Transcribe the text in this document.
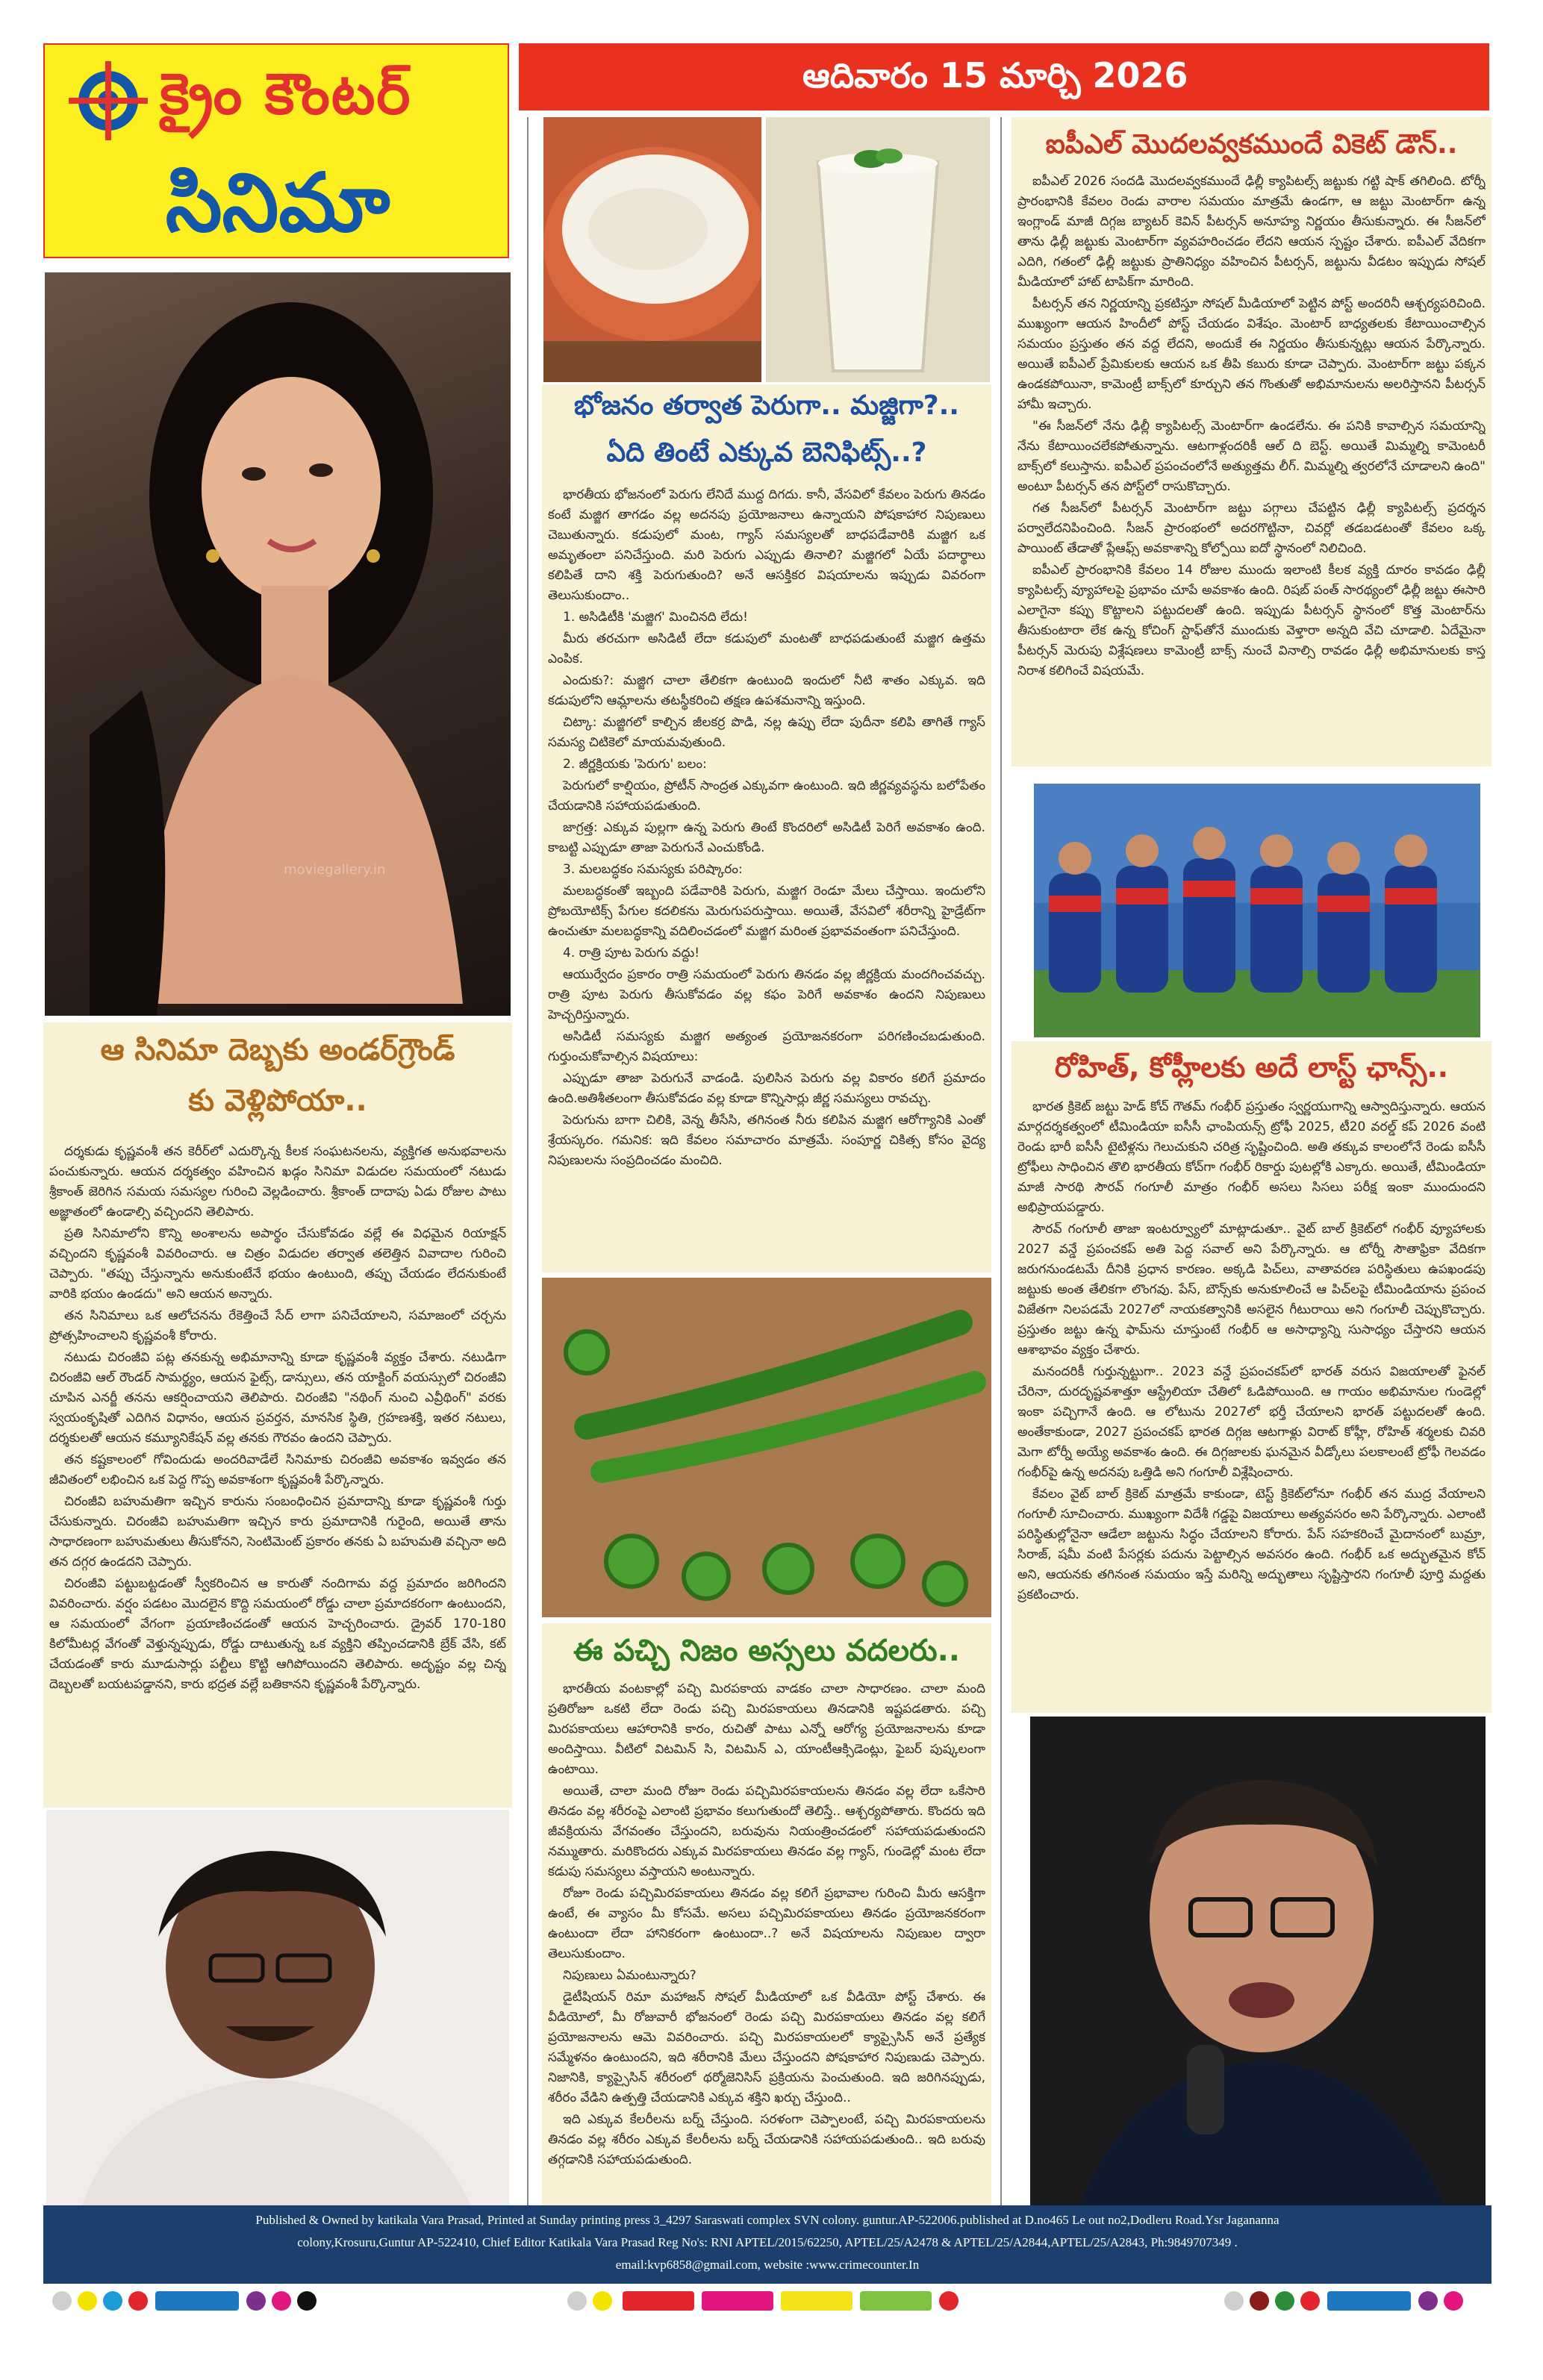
క్రైం కౌంటర్
సినిమా
ఆదివారం 15 మార్చి 2026
moviegallery.in
ఆ సినిమా దెబ్బకు అండర్‌గ్రౌండ్
కు వెళ్లిపోయా..

దర్శకుడు కృష్ణవంశీ తన కెరీర్‌లో ఎదుర్కొన్న కీలక సంఘటనలను, వ్యక్తిగత అనుభవాలను పంచుకున్నారు. ఆయన దర్శకత్వం వహించిన ఖడ్గం సినిమా విడుదల సమయంలో నటుడు శ్రీకాంత్ జెరిగిన సమయ సమస్యల గురించి వెల్లడించారు. శ్రీకాంత్ దాదాపు ఏడు రోజుల పాటు అజ్ఞాతంలో ఉండాల్సి వచ్చిందని తెలిపారు.

ప్రతి సినిమాలోని కొన్ని అంశాలను అపార్థం చేసుకోవడం వల్లే ఈ విధమైన రియాక్షన్ వచ్చిందని కృష్ణవంశీ వివరించారు. ఆ చిత్రం విడుదల తర్వాత తలెత్తిన వివాదాల గురించి చెప్పారు. "తప్పు చేస్తున్నాను అనుకుంటేనే భయం ఉంటుంది, తప్పు చేయడం లేదనుకుంటే వారికి భయం ఉండదు" అని ఆయన అన్నారు.

తన సినిమాలు ఒక ఆలోచనను రేకెత్తించే సేద్ లాగా పనిచేయాలని, సమాజంలో చర్చను ప్రోత్సహించాలని కృష్ణవంశీ కోరారు.

నటుడు చిరంజీవి పట్ల తనకున్న అభిమానాన్ని కూడా కృష్ణవంశీ వ్యక్తం చేశారు. నటుడిగా చిరంజీవి ఆల్ రౌండర్ సామర్థ్యం, ఆయన ఫైట్స్, డాన్సులు, తన యాక్టింగ్ వయస్సులో చిరంజీవి చూపిన ఎనర్జీ తనను ఆకర్షించాయని తెలిపారు. చిరంజీవి "నథింగ్ నుంచి ఎవ్రీథింగ్" వరకు స్వయంకృషితో ఎదిగిన విధానం, ఆయన ప్రవర్తన, మానసిక స్థితి, గ్రహణశక్తి, ఇతర నటులు, దర్శకులతో ఆయన కమ్యూనికేషన్ వల్ల తనకు గౌరవం ఉందని చెప్పారు.

తన కష్టకాలంలో గోవిందుడు అందరివాడేలే సినిమాకు చిరంజీవి అవకాశం ఇవ్వడం తన జీవితంలో లభించిన ఒక పెద్ద గొప్ప అవకాశంగా కృష్ణవంశీ పేర్కొన్నారు.

చిరంజీవి బహుమతిగా ఇచ్చిన కారును సంబంధించిన ప్రమాదాన్ని కూడా కృష్ణవంశీ గుర్తు చేసుకున్నారు. చిరంజీవి బహుమతిగా ఇచ్చిన కారు ప్రమాదానికి గురైంది, అయితే తాను సాధారణంగా బహుమతులు తీసుకోనని, సెంటిమెంట్ ప్రకారం తనకు ఏ బహుమతి వచ్చినా అది తన దగ్గర ఉండదని చెప్పారు.

చిరంజీవి పట్టుబట్టడంతో స్వీకరించిన ఆ కారుతో నందిగామ వద్ద ప్రమాదం జరిగిందని వివరించారు. వర్షం పడటం మొదలైన కొద్ది సమయంలో రోడ్డు చాలా ప్రమాదకరంగా ఉంటుందని, ఆ సమయంలో వేగంగా ప్రయాణించడంతో ఆయన హెచ్చరించారు. డ్రైవర్ 170-180 కిలోమీటర్ల వేగంతో వెళ్తున్నప్పుడు, రోడ్డు దాటుతున్న ఒక వ్యక్తిని తప్పించడానికి బ్రేక్ వేసి, కట్ చేయడంతో కారు మూడుసార్లు పల్టీలు కొట్టి ఆగిపోయిందని తెలిపారు. అదృష్టం వల్ల చిన్న దెబ్బలతో బయటపడ్డానని, కారు భద్రత వల్లే బతికానని కృష్ణవంశీ పేర్కొన్నారు.

భోజనం తర్వాత పెరుగా.. మజ్జిగా?..
ఏది తింటే ఎక్కువ బెనిఫిట్స్..?

భారతీయ భోజనంలో పెరుగు లేనిదే ముద్ద దిగదు. కానీ, వేసవిలో కేవలం పెరుగు తినడం కంటే మజ్జిగ తాగడం వల్ల అదనపు ప్రయోజనాలు ఉన్నాయని పోషకాహార నిపుణులు చెబుతున్నారు. కడుపులో మంట, గ్యాస్ సమస్యలతో బాధపడేవారికి మజ్జిగ ఒక అమృతంలా పనిచేస్తుంది. మరి పెరుగు ఎప్పుడు తినాలి? మజ్జిగలో ఏయే పదార్థాలు కలిపితే దాని శక్తి పెరుగుతుంది? అనే ఆసక్తికర విషయాలను ఇప్పుడు వివరంగా తెలుసుకుందాం..

1. అసిడిటీకి 'మజ్జిగ' మించినది లేదు!

మీరు తరచుగా అసిడిటీ లేదా కడుపులో మంటతో బాధపడుతుంటే మజ్జిగ ఉత్తమ ఎంపిక.

ఎందుకు?: మజ్జిగ చాలా తేలికగా ఉంటుంది ఇందులో నీటి శాతం ఎక్కువ. ఇది కడుపులోని ఆమ్లాలను తటస్థీకరించి తక్షణ ఉపశమనాన్ని ఇస్తుంది.

చిట్కా: మజ్జిగలో కాల్చిన జీలకర్ర పొడి, నల్ల ఉప్పు లేదా పుదీనా కలిపి తాగితే గ్యాస్ సమస్య చిటికెలో మాయమవుతుంది.

2. జీర్ణక్రియకు 'పెరుగు' బలం:

పెరుగులో కాల్షియం, ప్రోటీన్ సాంద్రత ఎక్కువగా ఉంటుంది. ఇది జీర్ణవ్యవస్థను బలోపేతం చేయడానికి సహాయపడుతుంది.

జాగ్రత్త: ఎక్కువ పుల్లగా ఉన్న పెరుగు తింటే కొందరిలో అసిడిటీ పెరిగే అవకాశం ఉంది. కాబట్టి ఎప్పుడూ తాజా పెరుగునే ఎంచుకోండి.

3. మలబద్ధకం సమస్యకు పరిష్కారం:

మలబద్ధకంతో ఇబ్బంది పడేవారికి పెరుగు, మజ్జిగ రెండూ మేలు చేస్తాయి. ఇందులోని ప్రోబయోటిక్స్ పేగుల కదలికను మెరుగుపరుస్తాయి. అయితే, వేసవిలో శరీరాన్ని హైడ్రేట్‌గా ఉంచుతూ మలబద్ధకాన్ని వదిలించడంలో మజ్జిగ మరింత ప్రభావవంతంగా పనిచేస్తుంది.

4. రాత్రి పూట పెరుగు వద్దు!

ఆయుర్వేదం ప్రకారం రాత్రి సమయంలో పెరుగు తినడం వల్ల జీర్ణక్రియ మందగించవచ్చు. రాత్రి పూట పెరుగు తీసుకోవడం వల్ల కఫం పెరిగే అవకాశం ఉందని నిపుణులు హెచ్చరిస్తున్నారు.

అసిడిటీ సమస్యకు మజ్జిగ అత్యంత ప్రయోజనకరంగా పరిగణించబడుతుంది. గుర్తుంచుకోవాల్సిన విషయాలు:

ఎప్పుడూ తాజా పెరుగునే వాడండి. పులిసిన పెరుగు వల్ల వికారం కలిగే ప్రమాదం ఉంది.అతిశీతలంగా తీసుకోవడం వల్ల కూడా కొన్నిసార్లు జీర్ణ సమస్యలు రావచ్చు.

పెరుగును బాగా చిలికి, వెన్న తీసేసి, తగినంత నీరు కలిపిన మజ్జిగ ఆరోగ్యానికి ఎంతో శ్రేయస్కరం. గమనిక: ఇది కేవలం సమాచారం మాత్రమే. సంపూర్ణ చికిత్స కోసం వైద్య నిపుణులను సంప్రదించడం మంచిది.

ఈ పచ్చి నిజం అస్సలు వదలరు..

భారతీయ వంటకాల్లో పచ్చి మిరపకాయ వాడకం చాలా సాధారణం. చాలా మంది ప్రతిరోజూ ఒకటి లేదా రెండు పచ్చి మిరపకాయలు తినడానికి ఇష్టపడతారు. పచ్చి మిరపకాయలు ఆహారానికి కారం, రుచితో పాటు ఎన్నో ఆరోగ్య ప్రయోజనాలను కూడా అందిస్తాయి. వీటిలో విటమిన్ సి, విటమిన్ ఎ, యాంటీఆక్సిడెంట్లు, ఫైబర్ పుష్కలంగా ఉంటాయి.

అయితే, చాలా మంది రోజూ రెండు పచ్చిమిరపకాయలను తినడం వల్ల లేదా ఒకేసారి తినడం వల్ల శరీరంపై ఎలాంటి ప్రభావం కలుగుతుందో తెలిస్తే.. ఆశ్చర్యపోతారు. కొందరు ఇది జీవక్రియను వేగవంతం చేస్తుందని, బరువును నియంత్రించడంలో సహాయపడుతుందని నమ్ముతారు. మరికొందరు ఎక్కువ మిరపకాయలు తినడం వల్ల గ్యాస్, గుండెల్లో మంట లేదా కడుపు సమస్యలు వస్తాయని అంటున్నారు.

రోజూ రెండు పచ్చిమిరపకాయలు తినడం వల్ల కలిగే ప్రభావాల గురించి మీరు ఆసక్తిగా ఉంటే, ఈ వ్యాసం మీ కోసమే. అసలు పచ్చిమిరపకాయలు తినడం ప్రయోజనకరంగా ఉంటుందా లేదా హానికరంగా ఉంటుందా..? అనే విషయాలను నిపుణుల ద్వారా తెలుసుకుందాం.

నిపుణులు ఏమంటున్నారు?

డైటీషియన్ రిమా మహాజన్ సోషల్ మీడియాలో ఒక వీడియో పోస్ట్ చేశారు. ఈ వీడియోలో, మీ రోజువారీ భోజనంలో రెండు పచ్చి మిరపకాయలు తినడం వల్ల కలిగే ప్రయోజనాలను ఆమె వివరించారు. పచ్చి మిరపకాయలలో క్యాప్సైసిన్ అనే ప్రత్యేక సమ్మేళనం ఉంటుందని, ఇది శరీరానికి మేలు చేస్తుందని పోషకాహార నిపుణుడు చెప్పారు. నిజానికి, క్యాప్సైసిన్ శరీరంలో థర్మోజెనిసిస్ ప్రక్రియను పెంచుతుంది. ఇది జరిగినప్పుడు, శరీరం వేడిని ఉత్పత్తి చేయడానికి ఎక్కువ శక్తిని ఖర్చు చేస్తుంది..

ఇది ఎక్కువ కేలరీలను బర్న్ చేస్తుంది. సరళంగా చెప్పాలంటే, పచ్చి మిరపకాయలను తినడం వల్ల శరీరం ఎక్కువ కేలరీలను బర్న్ చేయడానికి సహాయపడుతుంది.. ఇది బరువు తగ్గడానికి సహాయపడుతుంది.

ఐపీఎల్ మొదలవ్వకముందే వికెట్ డౌన్..

ఐపీఎల్ 2026 సందడి మొదలవ్వకముందే ఢిల్లీ క్యాపిటల్స్ జట్టుకు గట్టి షాక్ తగిలింది. టోర్నీ ప్రారంభానికి కేవలం రెండు వారాల సమయం మాత్రమే ఉండగా, ఆ జట్టు మెంటార్‌గా ఉన్న ఇంగ్లాండ్ మాజీ దిగ్గజ బ్యాటర్ కెవిన్ పీటర్సన్ అనూహ్య నిర్ణయం తీసుకున్నారు. ఈ సీజన్‌లో తాను ఢిల్లీ జట్టుకు మెంటార్‌గా వ్యవహరించడం లేదని ఆయన స్పష్టం చేశారు. ఐపీఎల్ వేదికగా ఎదిగి, గతంలో ఢిల్లీ జట్టుకు ప్రాతినిధ్యం వహించిన పీటర్సన్, జట్టును వీడటం ఇప్పుడు సోషల్ మీడియాలో హాట్ టాపిక్‌గా మారింది.

పీటర్సన్ తన నిర్ణయాన్ని ప్రకటిస్తూ సోషల్ మీడియాలో పెట్టిన పోస్ట్ అందరినీ ఆశ్చర్యపరిచింది. ముఖ్యంగా ఆయన హిందీలో పోస్ట్ చేయడం విశేషం. మెంటార్ బాధ్యతలకు కేటాయించాల్సిన సమయం ప్రస్తుతం తన వద్ద లేదని, అందుకే ఈ నిర్ణయం తీసుకున్నట్లు ఆయన పేర్కొన్నారు. అయితే ఐపీఎల్ ప్రేమికులకు ఆయన ఒక తీపి కబురు కూడా చెప్పారు. మెంటార్‌గా జట్టు పక్కన ఉండకపోయినా, కామెంట్రీ బాక్స్‌లో కూర్చుని తన గొంతుతో అభిమానులను అలరిస్తానని పీటర్సన్ హామీ ఇచ్చారు.

"ఈ సీజన్‌లో నేను ఢిల్లీ క్యాపిటల్స్ మెంటార్‌గా ఉండలేను. ఈ పనికి కావాల్సిన సమయాన్ని నేను కేటాయించలేకపోతున్నాను. ఆటగాళ్లందరికీ ఆల్ ది బెస్ట్. అయితే మిమ్మల్ని కామెంటరీ బాక్స్‌లో కలుస్తాను. ఐపీఎల్ ప్రపంచంలోనే అత్యుత్తమ లీగ్. మిమ్మల్ని త్వరలోనే చూడాలని ఉంది" అంటూ పీటర్సన్ తన పోస్ట్‌లో రాసుకొచ్చారు.

గత సీజన్‌లో పీటర్సన్ మెంటార్‌గా జట్టు పగ్గాలు చేపట్టిన ఢిల్లీ క్యాపిటల్స్ ప్రదర్శన పర్వాలేదనిపించింది. సీజన్ ప్రారంభంలో అదరగొట్టినా, చివర్లో తడబడటంతో కేవలం ఒక్క పాయింట్ తేడాతో ప్లేఆఫ్స్ అవకాశాన్ని కోల్పోయి ఐదో స్థానంలో నిలిచింది.

ఐపీఎల్ ప్రారంభానికి కేవలం 14 రోజుల ముందు ఇలాంటి కీలక వ్యక్తి దూరం కావడం ఢిల్లీ క్యాపిటల్స్ వ్యూహాలపై ప్రభావం చూపే అవకాశం ఉంది. రిషబ్ పంత్ సారథ్యంలో ఢిల్లీ జట్టు ఈసారి ఎలాగైనా కప్పు కొట్టాలని పట్టుదలతో ఉంది. ఇప్పుడు పీటర్సన్ స్థానంలో కొత్త మెంటార్‌ను తీసుకుంటారా లేక ఉన్న కోచింగ్ స్టాఫ్‌తోనే ముందుకు వెళ్తారా అన్నది వేచి చూడాలి. ఏదేమైనా పీటర్సన్ మెరుపు విశ్లేషణలు కామెంట్రీ బాక్స్ నుంచే వినాల్సి రావడం ఢిల్లీ అభిమానులకు కాస్త నిరాశ కలిగించే విషయమే.

రోహిత్, కోహ్లీలకు అదే లాస్ట్ ఛాన్స్..

భారత క్రికెట్ జట్టు హెడ్ కోచ్ గౌతమ్ గంభీర్ ప్రస్తుతం స్వర్ణయుగాన్ని ఆస్వాదిస్తున్నారు. ఆయన మార్గదర్శకత్వంలో టీమిండియా ఐసీసీ ఛాంపియన్స్ ట్రోఫీ 2025, టీ20 వరల్డ్ కప్ 2026 వంటి రెండు భారీ ఐసీసీ టైటిళ్లను గెలుచుకుని చరిత్ర సృష్టించింది. అతి తక్కువ కాలంలోనే రెండు ఐసీసీ ట్రోఫీలు సాధించిన తొలి భారతీయ కోచ్‌గా గంభీర్ రికార్డు పుటల్లోకి ఎక్కారు. అయితే, టీమిండియా మాజీ సారథి సౌరవ్ గంగూలీ మాత్రం గంభీర్ అసలు సిసలు పరీక్ష ఇంకా ముందుందని అభిప్రాయపడ్డారు.

సౌరవ్ గంగూలీ తాజా ఇంటర్వ్యూలో మాట్లాడుతూ.. వైట్ బాల్ క్రికెట్‌లో గంభీర్ వ్యూహాలకు 2027 వన్డే ప్రపంచకప్ అతి పెద్ద సవాల్ అని పేర్కొన్నారు. ఆ టోర్నీ సౌతాఫ్రికా వేదికగా జరుగనుండటమే దీనికి ప్రధాన కారణం. అక్కడి పిచ్‌లు, వాతావరణ పరిస్థితులు ఉపఖండపు జట్టుకు అంత తేలికగా లొంగవు. పేస్, బౌన్స్‌కు అనుకూలించే ఆ పిచ్‌లపై టీమిండియాను ప్రపంచ విజేతగా నిలపడమే 2027లో నాయకత్వానికి అసలైన గీటురాయి అని గంగూలీ చెప్పుకొచ్చారు. ప్రస్తుతం జట్టు ఉన్న ఫామ్‌ను చూస్తుంటే గంభీర్ ఆ అసాధ్యాన్ని సుసాధ్యం చేస్తారని ఆయన ఆశాభావం వ్యక్తం చేశారు.

మనందరికీ గుర్తున్నట్టుగా.. 2023 వన్డే ప్రపంచకప్‌లో భారత్ వరుస విజయాలతో ఫైనల్ చేరినా, దురదృష్టవశాత్తూ ఆస్ట్రేలియా చేతిలో ఓడిపోయింది. ఆ గాయం అభిమానుల గుండెల్లో ఇంకా పచ్చిగానే ఉంది. ఆ లోటును 2027లో భర్తీ చేయాలని భారత్ పట్టుదలతో ఉంది. అంతేకాకుండా, 2027 ప్రపంచకప్ భారత దిగ్గజ ఆటగాళ్లు విరాట్ కోహ్లీ, రోహిత్ శర్మలకు చివరి మెగా టోర్నీ అయ్యే అవకాశం ఉంది. ఈ దిగ్గజాలకు ఘనమైన వీడ్కోలు పలకాలంటే ట్రోఫీ గెలవడం గంభీర్‌పై ఉన్న అదనపు ఒత్తిడి అని గంగూలీ విశ్లేషించారు.

కేవలం వైట్ బాల్ క్రికెట్ మాత్రమే కాకుండా, టెస్ట్ క్రికెట్‌లోనూ గంభీర్ తన ముద్ర వేయాలని గంగూలీ సూచించారు. ముఖ్యంగా విదేశీ గడ్డపై విజయాలు అత్యవసరం అని పేర్కొన్నారు. ఎలాంటి పరిస్థితుల్లోనైనా ఆడేలా జట్టును సిద్ధం చేయాలని కోరారు. పేస్ సహకరించే మైదానంలో బుమ్రా, సిరాజ్, షమీ వంటి పేసర్లకు పదును పెట్టాల్సిన అవసరం ఉంది. గంభీర్ ఒక అద్భుతమైన కోచ్ అని, ఆయనకు తగినంత సమయం ఇస్తే మరిన్ని అద్భుతాలు సృష్టిస్తారని గంగూలీ పూర్తి మద్దతు ప్రకటించారు.

Published & Owned by katikala Vara Prasad, Printed at Sunday printing press 3_4297 Saraswati complex SVN colony. guntur.AP-522006.published at D.no465 Le out no2,Dodleru Road.Ysr Jagananna
colony,Krosuru,Guntur AP-522410, Chief Editor Katikala Vara Prasad Reg No's: RNI APTEL/2015/62250, APTEL/25/A2478 & APTEL/25/A2844,APTEL/25/A2843, Ph:9849707349 .
email:kvp6858@gmail.com, website :www.crimecounter.In
